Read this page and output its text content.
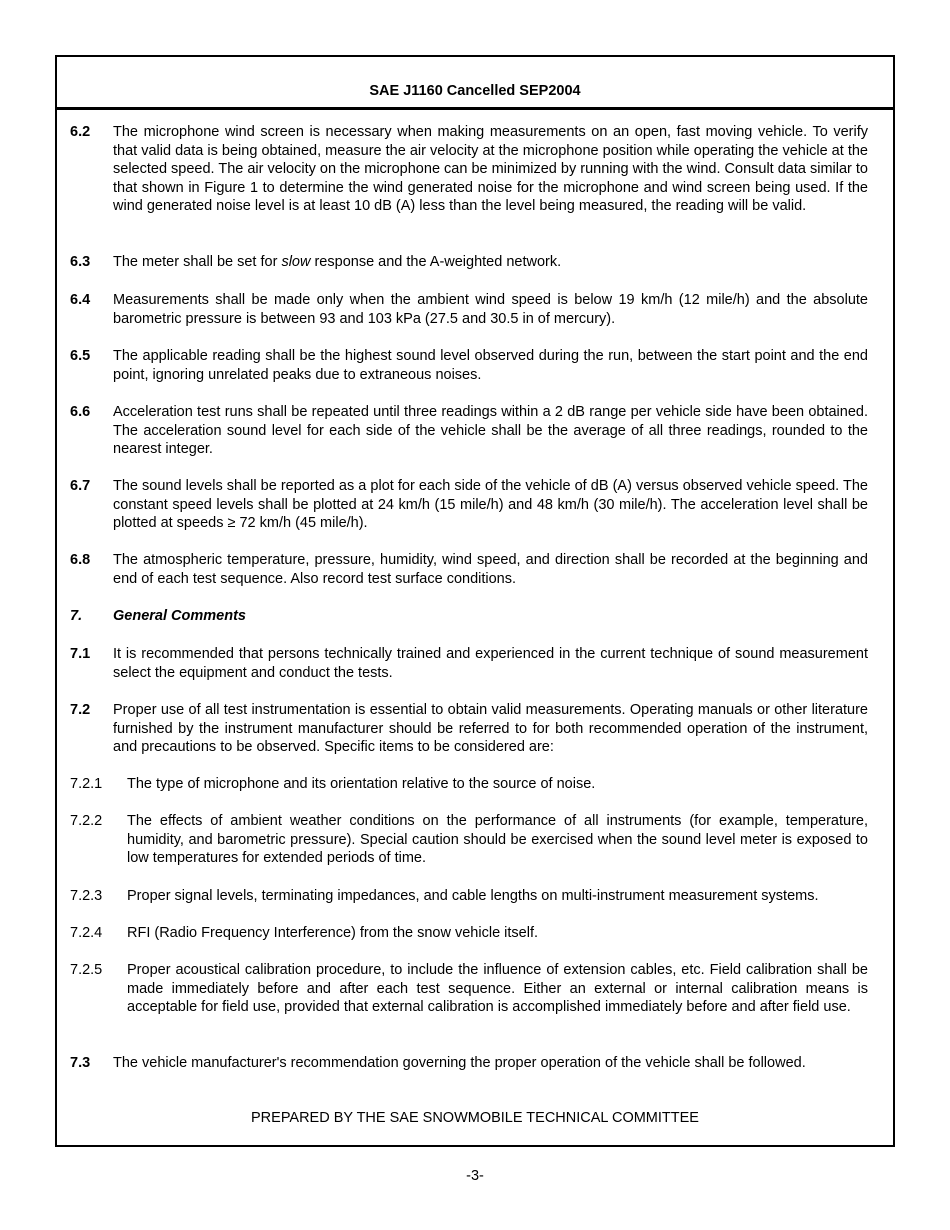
SAE J1160 Cancelled SEP2004
6.2 The microphone wind screen is necessary when making measurements on an open, fast moving vehicle. To verify that valid data is being obtained, measure the air velocity at the microphone position while operating the vehicle at the selected speed. The air velocity on the microphone can be minimized by running with the wind. Consult data similar to that shown in Figure 1 to determine the wind generated noise for the microphone and wind screen being used. If the wind generated noise level is at least 10 dB (A) less than the level being measured, the reading will be valid.
6.3 The meter shall be set for slow response and the A-weighted network.
6.4 Measurements shall be made only when the ambient wind speed is below 19 km/h (12 mile/h) and the absolute barometric pressure is between 93 and 103 kPa (27.5 and 30.5 in of mercury).
6.5 The applicable reading shall be the highest sound level observed during the run, between the start point and the end point, ignoring unrelated peaks due to extraneous noises.
6.6 Acceleration test runs shall be repeated until three readings within a 2 dB range per vehicle side have been obtained. The acceleration sound level for each side of the vehicle shall be the average of all three readings, rounded to the nearest integer.
6.7 The sound levels shall be reported as a plot for each side of the vehicle of dB (A) versus observed vehicle speed. The constant speed levels shall be plotted at 24 km/h (15 mile/h) and 48 km/h (30 mile/h). The acceleration level shall be plotted at speeds ≥ 72 km/h (45 mile/h).
6.8 The atmospheric temperature, pressure, humidity, wind speed, and direction shall be recorded at the beginning and end of each test sequence. Also record test surface conditions.
7. General Comments
7.1 It is recommended that persons technically trained and experienced in the current technique of sound measurement select the equipment and conduct the tests.
7.2 Proper use of all test instrumentation is essential to obtain valid measurements. Operating manuals or other literature furnished by the instrument manufacturer should be referred to for both recommended operation of the instrument, and precautions to be observed. Specific items to be considered are:
7.2.1 The type of microphone and its orientation relative to the source of noise.
7.2.2 The effects of ambient weather conditions on the performance of all instruments (for example, temperature, humidity, and barometric pressure). Special caution should be exercised when the sound level meter is exposed to low temperatures for extended periods of time.
7.2.3 Proper signal levels, terminating impedances, and cable lengths on multi-instrument measurement systems.
7.2.4 RFI (Radio Frequency Interference) from the snow vehicle itself.
7.2.5 Proper acoustical calibration procedure, to include the influence of extension cables, etc. Field calibration shall be made immediately before and after each test sequence. Either an external or internal calibration means is acceptable for field use, provided that external calibration is accomplished immediately before and after field use.
7.3 The vehicle manufacturer's recommendation governing the proper operation of the vehicle shall be followed.
PREPARED BY THE SAE SNOWMOBILE TECHNICAL COMMITTEE
-3-
